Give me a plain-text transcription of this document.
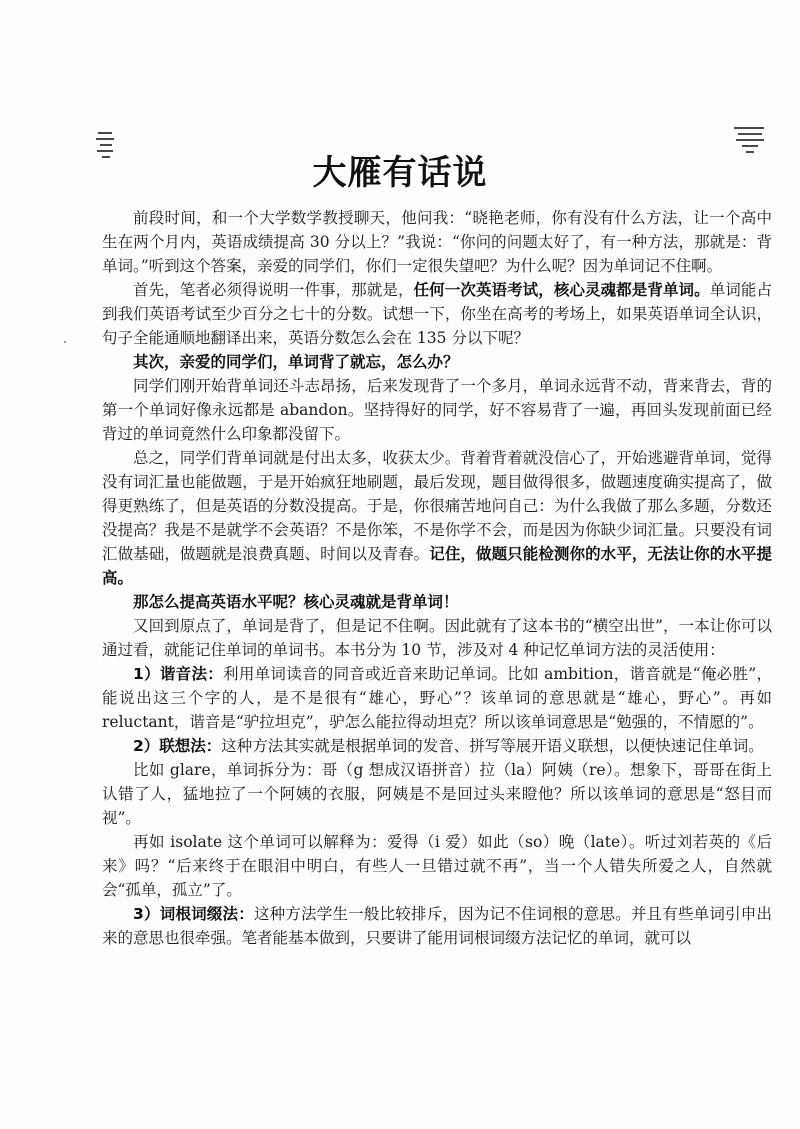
大雁有话说

前段时间，和一个大学数学教授聊天，他问我：“晓艳老师，你有没有什么方法，让一个高中生在两个月内，英语成绩提高 30 分以上？”我说：“你问的问题太好了，有一种方法，那就是：背单词。”听到这个答案，亲爱的同学们，你们一定很失望吧？为什么呢？因为单词记不住啊。

首先，笔者必须得说明一件事，那就是，任何一次英语考试，核心灵魂都是背单词。单词能占到我们英语考试至少百分之七十的分数。试想一下，你坐在高考的考场上，如果英语单词全认识，句子全能通顺地翻译出来，英语分数怎么会在 135 分以下呢？

其次，亲爱的同学们，单词背了就忘，怎么办？

同学们刚开始背单词还斗志昂扬，后来发现背了一个多月，单词永远背不动，背来背去，背的第一个单词好像永远都是 abandon。坚持得好的同学，好不容易背了一遍，再回头发现前面已经背过的单词竟然什么印象都没留下。

总之，同学们背单词就是付出太多，收获太少。背着背着就没信心了，开始逃避背单词，觉得没有词汇量也能做题，于是开始疯狂地刷题，最后发现，题目做得很多，做题速度确实提高了，做得更熟练了，但是英语的分数没提高。于是，你很痛苦地问自己：为什么我做了那么多题，分数还没提高？我是不是就学不会英语？不是你笨，不是你学不会，而是因为你缺少词汇量。只要没有词汇做基础，做题就是浪费真题、时间以及青春。记住，做题只能检测你的水平，无法让你的水平提高。

那怎么提高英语水平呢？核心灵魂就是背单词！

又回到原点了，单词是背了，但是记不住啊。因此就有了这本书的“横空出世”，一本让你可以通过看，就能记住单词的单词书。本书分为 10 节，涉及对 4 种记忆单词方法的灵活使用：

1）谐音法：利用单词读音的同音或近音来助记单词。比如 ambition，谐音就是“俺必胜”，能说出这三个字的人，是不是很有“雄心，野心”？该单词的意思就是“雄心，野心”。再如 reluctant，谐音是“驴拉坦克”，驴怎么能拉得动坦克？所以该单词意思是“勉强的，不情愿的”。

2）联想法：这种方法其实就是根据单词的发音、拼写等展开语义联想，以便快速记住单词。

比如 glare，单词拆分为：哥（g 想成汉语拼音）拉（la）阿姨（re）。想象下，哥哥在街上认错了人，猛地拉了一个阿姨的衣服，阿姨是不是回过头来瞪他？所以该单词的意思是“怒目而视”。

再如 isolate 这个单词可以解释为：爱得（i 爱）如此（so）晚（late）。听过刘若英的《后来》吗？“后来终于在眼泪中明白，有些人一旦错过就不再”，当一个人错失所爱之人，自然就会“孤单，孤立”了。

3）词根词缀法：这种方法学生一般比较排斥，因为记不住词根的意思。并且有些单词引申出来的意思也很牵强。笔者能基本做到，只要讲了能用词根词缀方法记忆的单词，就可以
